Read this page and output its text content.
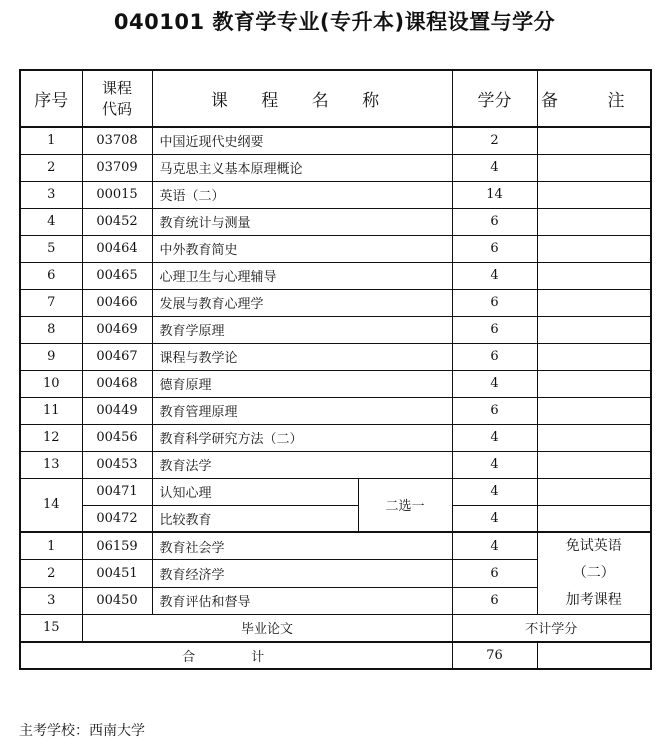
040101 教育学专业(专升本)课程设置与学分
序号	课程代码	课 程 名 称		学分	备 注
1	03708	中国近现代史纲要		2	
2	03709	马克思主义基本原理概论		4	
3	00015	英语（二）		14	
4	00452	教育统计与测量		6	
5	00464	中外教育简史		6	
6	00465	心理卫生与心理辅导		4	
7	00466	发展与教育心理学		6	
8	00469	教育学原理		6	
9	00467	课程与教学论		6	
10	00468	德育原理		4	
11	00449	教育管理原理		6	
12	00456	教育科学研究方法（二）		4	
13	00453	教育法学		4	
14	00471	认知心理	二选一	4	
	00472	比较教育		4	
1	06159	教育社会学		4	免试英语
（二）
加考课程

2	00451	教育经济学		6	
3	00450	教育评估和督导		6	
15	毕业论文			不计学分	
合 计				76	
主考学校：西南大学
